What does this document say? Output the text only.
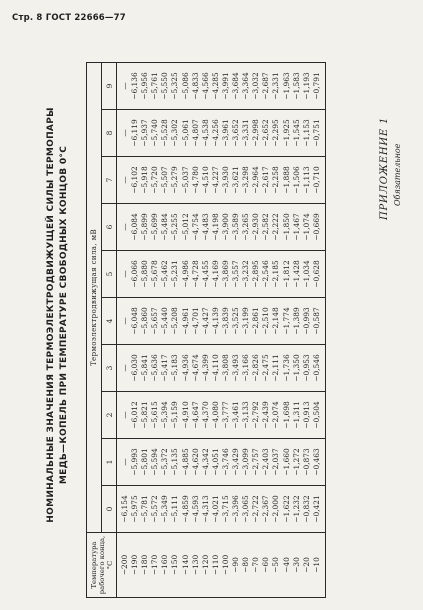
Стр. 8 ГОСТ 22666—77
ПРИЛОЖЕНИЕ 1 Обязательное
НОМИНАЛЬНЫЕ ЗНАЧЕНИЯ ТЕРМОЭЛЕКТРОДВИЖУЩЕЙ СИЛЫ ТЕРМОПАРЫ МЕДЬ—КОПЕЛЬ ПРИ ТЕМПЕРАТУРЕ СВОБОДНЫХ КОНЦОВ 0°С
Температура рабочего конца, °С	Термоэлектродвижущая сила, мВ									
	0	1	2	3	4	5	6	7	8	9
−200	−6,154	—	—	—	—	—	—	—	—	—
−190	−5,975	−5,993	−6,012	−6,030	−6,048	−6,066	−6,084	−6,102	−6,119	−6,136
−180	−5,781	−5,801	−5,821	−5,841	−5,860	−5,880	−5,899	−5,918	−5,937	−5,956
−170	−5,572	−5,594	−5,615	−5,636	−5,657	−5,678	−5,699	−5,720	−5,740	−5,761
−160	−5,349	−5,372	−5,394	−5,417	−5,440	−5,462	−5,484	−5,507	−5,528	−5,550
−150	−5,111	−5,135	−5,159	−5,183	−5,208	−5,231	−5,255	−5,279	−5,302	−5,325
−140	−4,859	−4,885	−4,910	−4,936	−4,961	−4,986	−5,012	−5,037	−5,061	−5,086
−130	−4,593	−4,620	−4,647	−4,674	−4,701	−4,728	−4,754	−4,780	−4,807	−4,833
−120	−4,313	−4,342	−4,370	−4,399	−4,427	−4,455	−4,483	−4,510	−4,538	−4,566
−110	−4,021	−4,051	−4,080	−4,110	−4,139	−4,169	−4,198	−4,227	−4,256	−4,285
−100	−3,715	−3,746	−3,777	−3,808	−3,839	−3,869	−3,900	−3,930	−3,961	−3,991
−90	−3,396	−3,429	−3,461	−3,493	−3,525	−3,557	−3,589	−3,621	−3,652	−3,684
−80	−3,065	−3,099	−3,133	−3,166	−3,199	−3,232	−3,265	−3,298	−3,331	−3,364
−70	−2,722	−2,757	−2,792	−2,826	−2,861	−2,895	−2,930	−2,964	−2,998	−3,032
−60	−2,367	−2,403	−2,439	−2,475	−2,510	−2,546	−2,582	−2,617	−2,652	−2,687
−50	−2,000	−2,037	−2,074	−2,111	−2,148	−2,185	−2,222	−2,258	−2,295	−2,331
−40	−1,622	−1,660	−1,698	−1,736	−1,774	−1,812	−1,850	−1,888	−1,925	−1,963
−30	−1,232	−1,272	−1,311	−1,350	−1,389	−1,428	−1,467	−1,506	−1,545	−1,583
−20	−0,832	−0,873	−0,913	−0,953	−0,993	−1,034	−1,074	−1,113	−1,153	−1,193
−10	−0,421	−0,463	−0,504	−0,546	−0,587	−0,628	−0,669	−0,710	−0,751	−0,791
